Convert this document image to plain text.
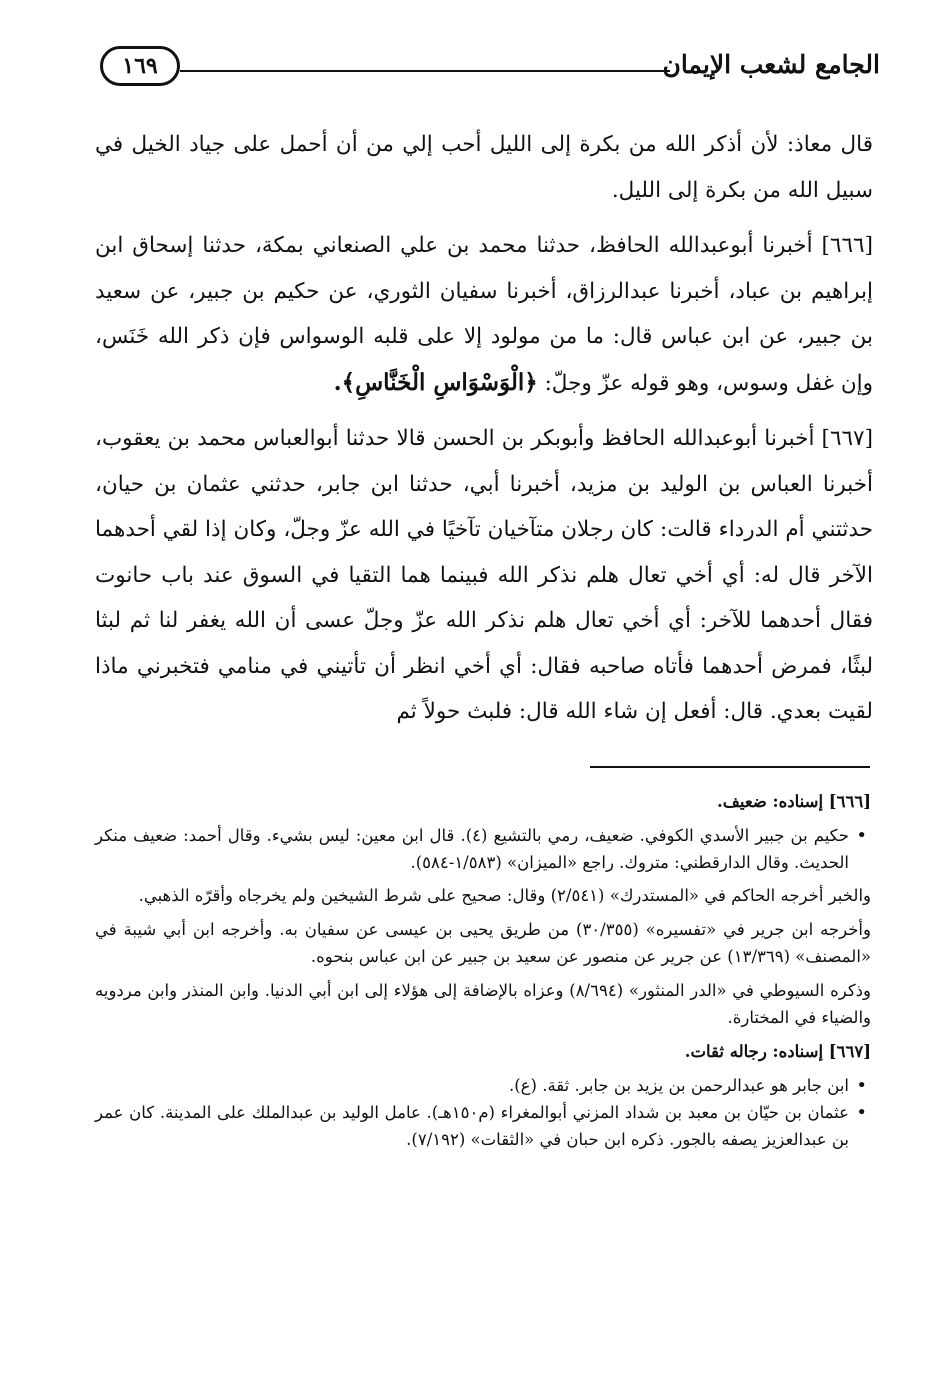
١٦٩	الجامع لشعب الإيمان

قال معاذ: لأن أذكر الله من بكرة إلى الليل أحب إلي من أن أحمل على جياد الخيل في سبيل الله من بكرة إلى الليل.

[٦٦٦] أخبرنا أبوعبدالله الحافظ، حدثنا محمد بن علي الصنعاني بمكة، حدثنا إسحاق ابن إبراهيم بن عباد، أخبرنا عبدالرزاق، أخبرنا سفيان الثوري، عن حكيم بن جبير، عن سعيد بن جبير، عن ابن عباس قال: ما من مولود إلا على قلبه الوسواس فإن ذكر الله خَنَس، وإن غفل وسوس، وهو قوله عزّ وجلّ: ﴿الْوَسْوَاسِ الْخَنَّاسِ﴾.

[٦٦٧] أخبرنا أبوعبدالله الحافظ وأبوبكر بن الحسن قالا حدثنا أبوالعباس محمد بن يعقوب، أخبرنا العباس بن الوليد بن مزيد، أخبرنا أبي، حدثنا ابن جابر، حدثني عثمان بن حيان، حدثتني أم الدرداء قالت: كان رجلان متآخيان تآخيًا في الله عزّ وجلّ، وكان إذا لقي أحدهما الآخر قال له: أي أخي تعال هلم نذكر الله فبينما هما التقيا في السوق عند باب حانوت فقال أحدهما للآخر: أي أخي تعال هلم نذكر الله عزّ وجلّ عسى أن الله يغفر لنا ثم لبثا لبثًا، فمرض أحدهما فأتاه صاحبه فقال: أي أخي انظر أن تأتيني في منامي فتخبرني ماذا لقيت بعدي. قال: أفعل إن شاء الله قال: فلبث حولاً ثم

[٦٦٦] إسناده: ضعيف.

• حكيم بن جبير الأسدي الكوفي. ضعيف، رمي بالتشيع (٤). قال ابن معين: ليس بشيء. وقال أحمد: ضعيف منكر الحديث. وقال الدارقطني: متروك. راجع «الميزان» (١/٥٨٣-٥٨٤).

والخبر أخرجه الحاكم في «المستدرك» (٢/٥٤١) وقال: صحيح على شرط الشيخين ولم يخرجاه وأقرّه الذهبي.

وأخرجه ابن جرير في «تفسيره» (٣٠/٣٥٥) من طريق يحيى بن عيسى عن سفيان به. وأخرجه ابن أبي شيبة في «المصنف» (١٣/٣٦٩) عن جرير عن منصور عن سعيد بن جبير عن ابن عباس بنحوه.

وذكره السيوطي في «الدر المنثور» (٨/٦٩٤) وعزاه بالإضافة إلى هؤلاء إلى ابن أبي الدنيا. وابن المنذر وابن مردويه والضياء في المختارة.

[٦٦٧] إسناده: رجاله ثقات.

• ابن جابر هو عبدالرحمن بن يزيد بن جابر. ثقة. (ع).
• عثمان بن حيّان بن معبد بن شداد المزني أبوالمغراء (م١٥٠هـ). عامل الوليد بن عبدالملك على المدينة. كان عمر بن عبدالعزيز يصفه بالجور. ذكره ابن حبان في «الثقات» (٧/١٩٢).
